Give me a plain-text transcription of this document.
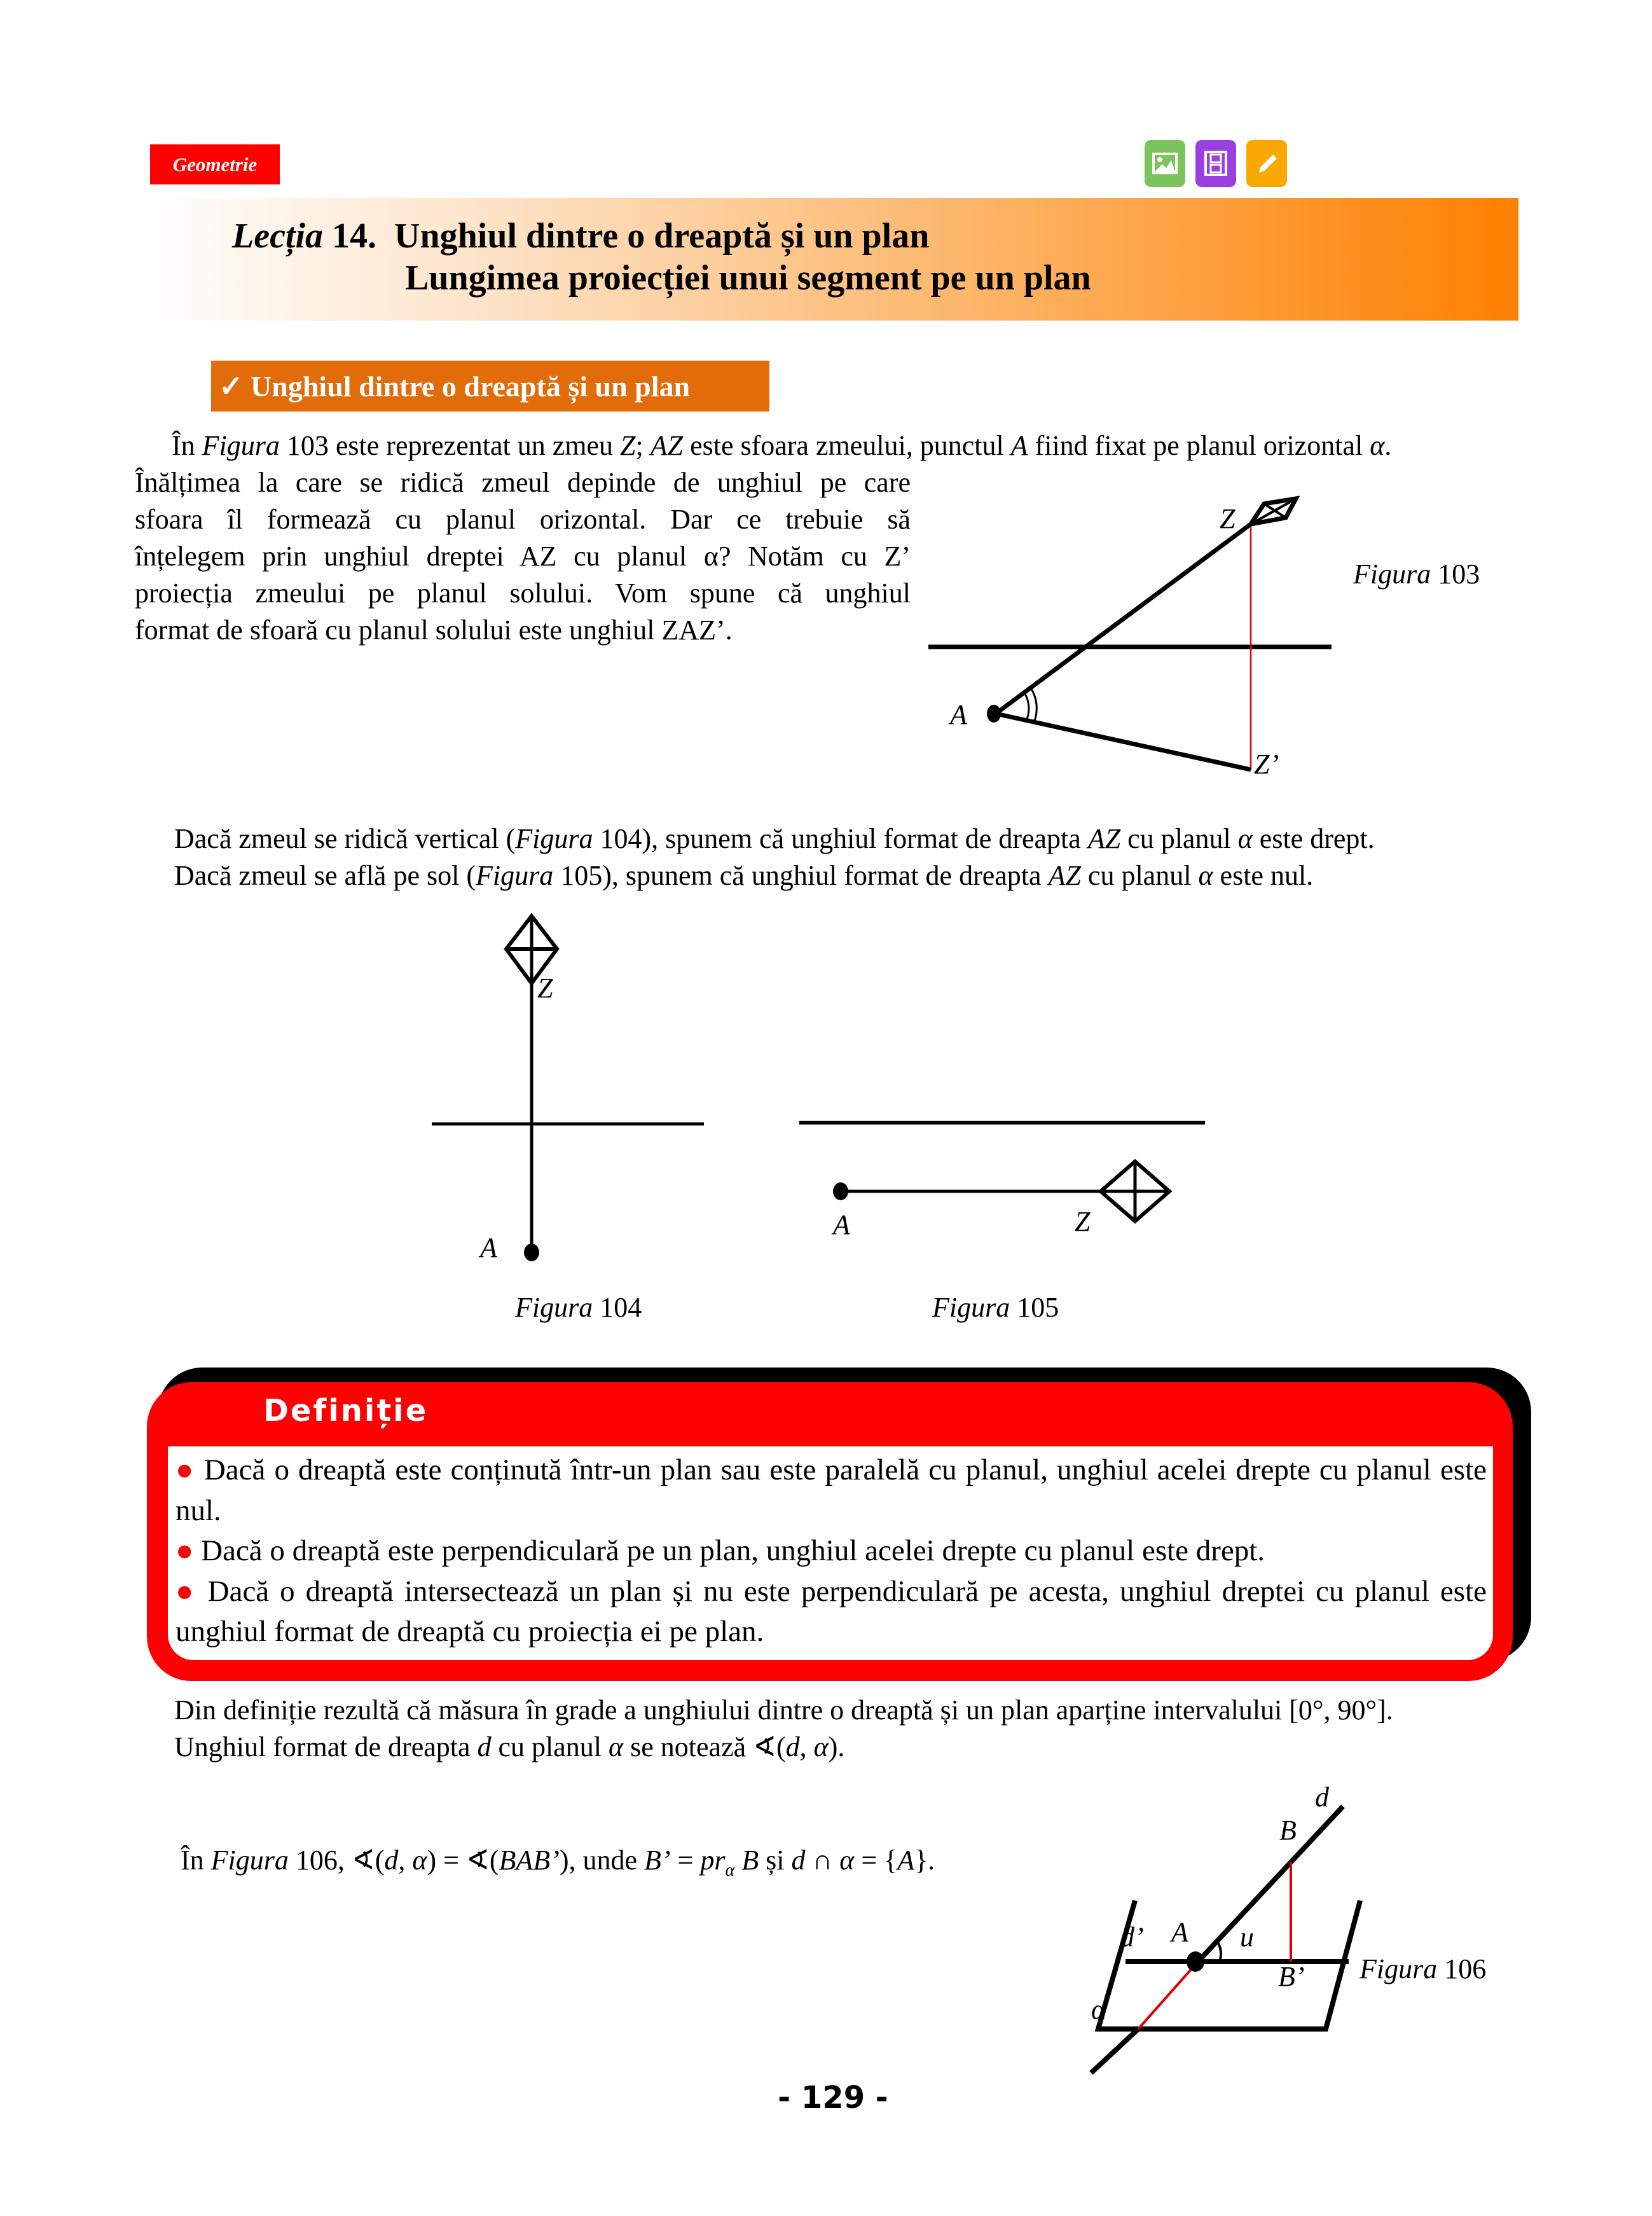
Geometrie
Lecția 14. Unghiul dintre o dreaptă și un plan
Lungimea proiecției unui segment pe un plan
✓
Unghiul dintre o dreaptă și un plan
În Figura 103 este reprezentat un zmeu Z; AZ este sfoara zmeului, punctul A fiind fixat pe planul orizontal α.
Înălțimea la care se ridică zmeul depinde de unghiul pe care
sfoara îl formează cu planul orizontal. Dar ce trebuie să
înțelegem prin unghiul dreptei AZ cu planul α? Notăm cu Z’
proiecția zmeului pe planul solului. Vom spune că unghiul
format de sfoară cu planul solului este unghiul ZAZ’.
Z
A
Z’
Figura 103
Dacă zmeul se ridică vertical (Figura 104), spunem că unghiul format de dreapta AZ cu planul α este drept.
Dacă zmeul se află pe sol (Figura 105), spunem că unghiul format de dreapta AZ cu planul α este nul.
Z
A
Figura 104
A	Z
Figura 105
Definiție
● Dacă o dreaptă este conținută într-un plan sau este paralelă cu planul, unghiul acelei drepte cu planul este nul.
● Dacă o dreaptă este perpendiculară pe un plan, unghiul acelei drepte cu planul este drept.
● Dacă o dreaptă intersectează un plan și nu este perpendiculară pe acesta, unghiul dreptei cu planul este unghiul format de dreaptă cu proiecția ei pe plan.
Din definiție rezultă că măsura în grade a unghiului dintre o dreaptă și un plan aparține intervalului [0°, 90°].
Unghiul format de dreapta d cu planul α se notează ∢(d, α).
În Figura 106, ∢(d, α) = ∢(BAB’), unde B’ = $pr_\alpha$ B și d ∩ α = {A}.
d
B
A u
d’
B’
α
Figura 106
- 129 -
